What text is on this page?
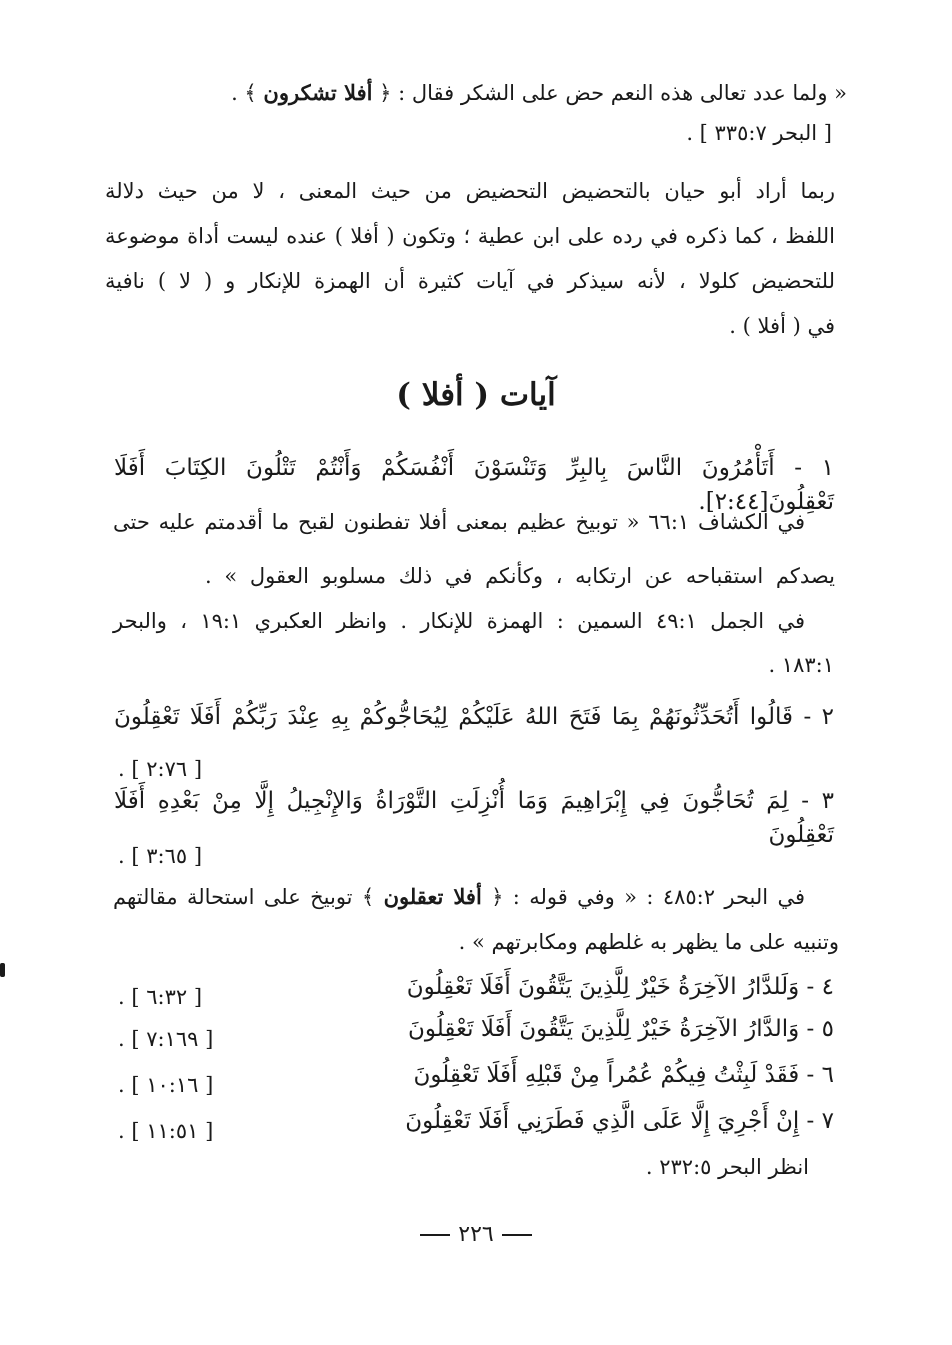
« ولما عدد تعالى هذه النعم حض على الشكر فقال : ﴿ أفلا تشكرون ﴾ .
[ البحر ٣٣٥:٧ ] .
ربما أراد أبو حيان بالتحضيض التحضيض من حيث المعنى ، لا من حيث دلالة
اللفظ ، كما ذكره في رده على ابن عطية ؛ وتكون ( أفلا ) عنده ليست أداة موضوعة
للتحضيض كلولا ، لأنه سيذكر في آيات كثيرة أن الهمزة للإنكار و ( لا ) نافية
في ( أفلا ) .
آيات ( أفلا )
١ - أَتَأْمُرُونَ النَّاسَ بِالبِرِّ وَتَنْسَوْنَ أَنْفُسَكُمْ وَأَنْتُمْ تَتْلُونَ الكِتَابَ أَفَلَا تَعْقِلُونَ[٢:٤٤].
في الكشاف ٦٦:١ « توبيخ عظيم بمعنى أفلا تفطنون لقبح ما أقدمتم عليه حتى
يصدكم استقباحه عن ارتكابه ، وكأنكم في ذلك مسلوبو العقول » .
في الجمل ٤٩:١ السمين : الهمزة للإنكار . وانظر العكبري ١٩:١ ، والبحر
١٨٣:١ .
٢ - قَالُوا أَتُحَدِّثُونَهُمْ بِمَا فَتَحَ اللهُ عَلَيْكُمْ لِيُحَاجُّوكُمْ بِهِ عِنْدَ رَبِّكُمْ أَفَلَا تَعْقِلُونَ
[ ٢:٧٦ ] .
٣ - لِمَ تُحَاجُّونَ فِي إِبْرَاهِيمَ وَمَا أُنْزِلَتِ التَّوْرَاةُ وَالإِنْجِيلُ إِلَّا مِنْ بَعْدِهِ أَفَلَا تَعْقِلُونَ
[ ٣:٦٥ ] .
في البحر ٤٨٥:٢ : « وفي قوله : ﴿ أفلا تعقلون ﴾ توبيخ على استحالة مقالتهم
وتنبيه على ما يظهر به غلطهم ومكابرتهم » .
٤ - وَلَلدَّارُ الآخِرَةُ خَيْرٌ لِلَّذِينَ يَتَّقُونَ أَفَلَا تَعْقِلُونَ
[ ٦:٣٢ ] .
٥ - وَالدَّارُ الآخِرَةُ خَيْرٌ لِلَّذِينَ يَتَّقُونَ أَفَلَا تَعْقِلُونَ
[ ٧:١٦٩ ] .
٦ - فَقَدْ لَبِثْتُ فِيكُمْ عُمُراً مِنْ قَبْلِهِ أَفَلَا تَعْقِلُونَ
[ ١٠:١٦ ] .
٧ - إِنْ أَجْرِيَ إِلَّا عَلَى الَّذِي فَطَرَنِي أَفَلَا تَعْقِلُونَ
[ ١١:٥١ ] .
انظر البحر ٢٣٢:٥ .
٢٢٦
